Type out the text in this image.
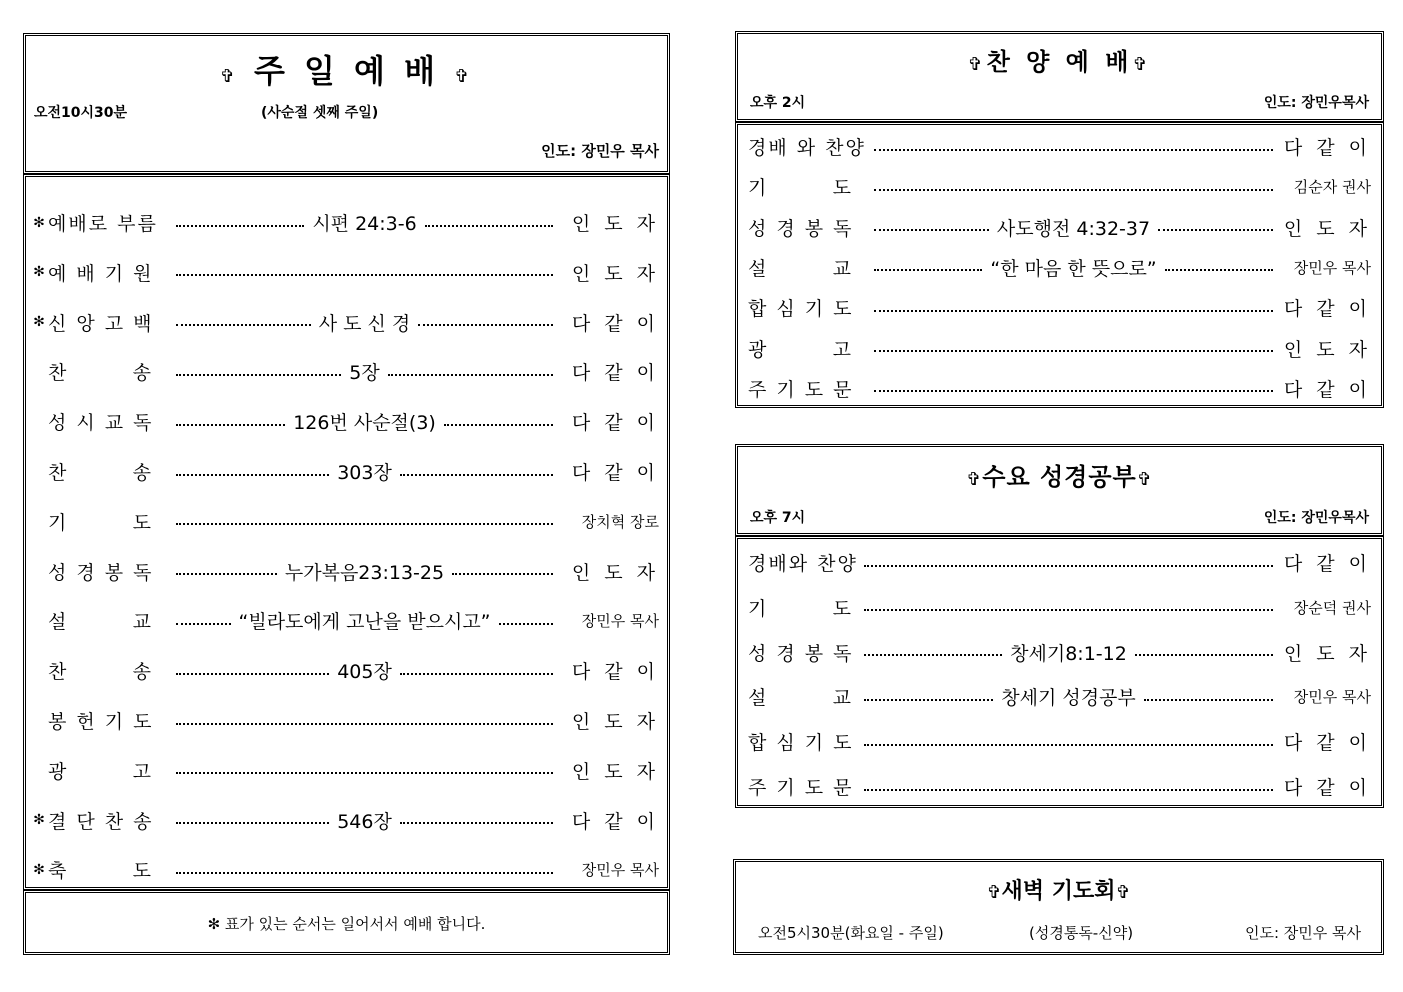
✞ 주 일 예 배 ✞
오전10시30분	(사순절 셋째 주일)
인도: 장민우 목사
✻ 예배로 부름	시편 24:3-6	인 도 자
✻ 예 배 기 원	인 도 자
✻ 신 앙 고 백	사 도 신 경	다 같 이
찬        송	5장	다 같 이
성 시 교 독	126번 사순절(3)	다 같 이
찬        송	303장	다 같 이
기        도	장치혁 장로
성 경 봉 독	누가복음23:13-25	인 도 자
설        교	“빌라도에게 고난을 받으시고”	장민우 목사
찬        송	405장	다 같 이
봉 헌 기 도	인 도 자
광        고	인 도 자
✻ 결 단 찬 송	546장	다 같 이
✻ 축        도	장민우 목사
✻ 표가 있는 순서는 일어서서 예배 합니다.
✞찬 양 예 배✞
오후 2시	인도: 장민우목사
경배 와 찬양	다 같 이
기        도	김순자 권사
성 경 봉 독	사도행전 4:32-37	인 도 자
설        교	“한 마음 한 뜻으로”	장민우 목사
합 심 기 도	다 같 이
광        고	인 도 자
주 기 도 문	다 같 이
✞수요 성경공부✞
오후 7시	인도: 장민우목사
경배와 찬양	다 같 이
기        도	장순덕 권사
성 경 봉 독	창세기8:1-12	인 도 자
설        교	창세기 성경공부	장민우 목사
합 심 기 도	다 같 이
주 기 도 문	다 같 이
✞새벽 기도회✞
오전5시30분(화요일 - 주일)	(성경통독-신약)	인도: 장민우 목사
